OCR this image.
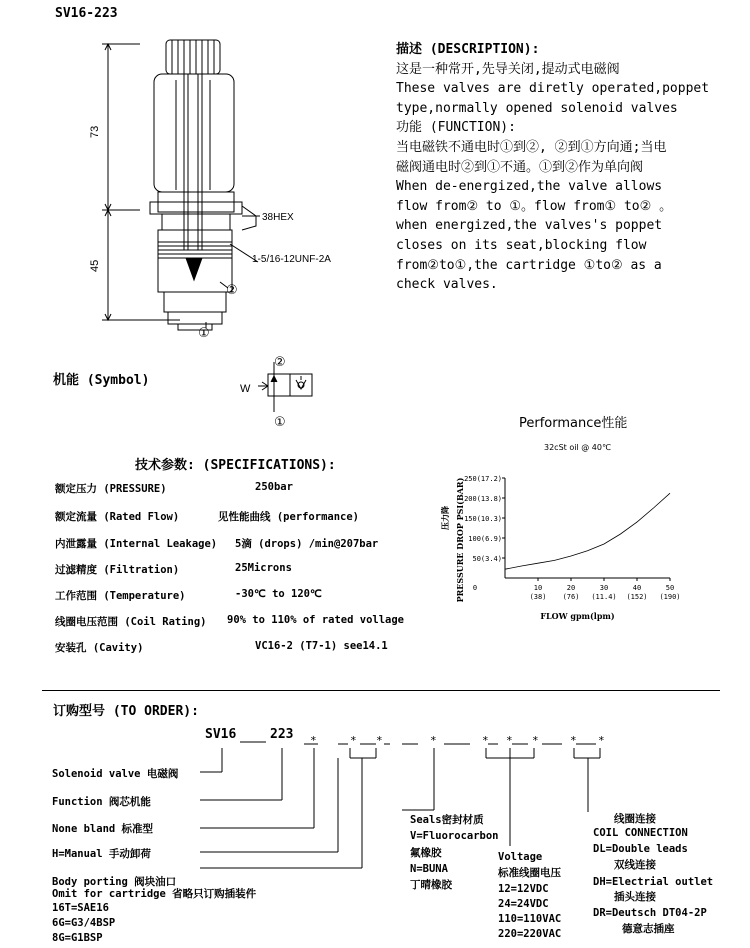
SV16-223
73
45
38HEX
1-5/16-12UNF-2A
②
①
描述 (DESCRIPTION):
这是一种常开,先导关闭,提动式电磁阀
These valves are diretly operated,poppet
type,normally opened solenoid valves
功能 (FUNCTION):
当电磁铁不通电时①到②, ②到①方向通;当电
磁阀通电时②到①不通。①到②作为单向阀
When de-energized,the valve allows
flow from② to ①。flow from① to② 。
when energized,the valves's poppet
closes on its seat,blocking flow
from②to①,the cartridge ①to② as a
check valves.
机能 (Symbol)
W
②
①	Performance性能
32cSt oil @ 40℃
50(3.4)
100(6.9)
150(10.3)
200(13.8)
250(17.2)
0	10
(38)
20
(76)
30
(11.4)
40
(152)
50
(190)
FLOW gpm(lpm)
PRESSURE DROP PSI(BAR)
压力降
技术参数: (SPECIFICATIONS):
额定压力 (PRESSURE)	250bar
额定流量 (Rated Flow)	见性能曲线 (performance)
内泄露量 (Internal Leakage) 5滴 (drops) /min@207bar
过滤精度 (Filtration)	25Microns
工作范围 (Temperature)	-30℃ to 120℃
线圈电压范围 (Coil Rating) 90% to 110% of rated vollage
安装孔 (Cavity)	VC16-2 (T7-1) see14.1
订购型号 (TO ORDER):
SV16	223 *	* *	*	* * *	* *
Solenoid valve 电磁阀
Function 阀芯机能
None bland 标准型
H=Manual 手动卸荷
Body porting 阀块油口
Omit for cartridge 省略只订购插装件
16T=SAE16
6G=G3/4BSP
8G=G1BSP
Seals密封材质
V=Fluorocarbon
氟橡胶
N=BUNA
丁晴橡胶
Voltage
标准线圈电压
12=12VDC
24=24VDC
110=110VAC
220=220VAC
线圈连接
COIL CONNECTION
DL=Double leads
双线连接
DH=Electrial outlet
插头连接
DR=Deutsch DT04-2P
德意志插座
